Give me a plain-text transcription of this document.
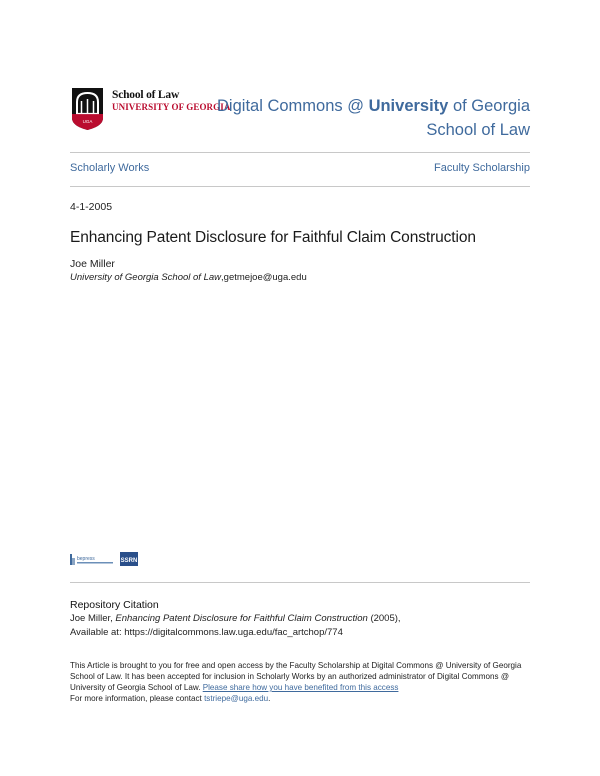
UGA
School of Law
UNIVERSITY OF GEORGIA
Digital Commons @ University of Georgia
School of Law
Scholarly Works	Faculty Scholarship
4-1-2005
Enhancing Patent Disclosure for Faithful Claim Construction
Joe Miller
University of Georgia School of Law,getmejoe@uga.edu
bepress	SSRN
Repository Citation
Joe Miller, Enhancing Patent Disclosure for Faithful Claim Construction (2005),
Available at: https://digitalcommons.law.uga.edu/fac_artchop/774
This Article is brought to you for free and open access by the Faculty Scholarship at Digital Commons @ University of Georgia School of Law. It has been accepted for inclusion in Scholarly Works by an authorized administrator of Digital Commons @ University of Georgia School of Law. Please share how you have benefited from this access
For more information, please contact tstriepe@uga.edu.
